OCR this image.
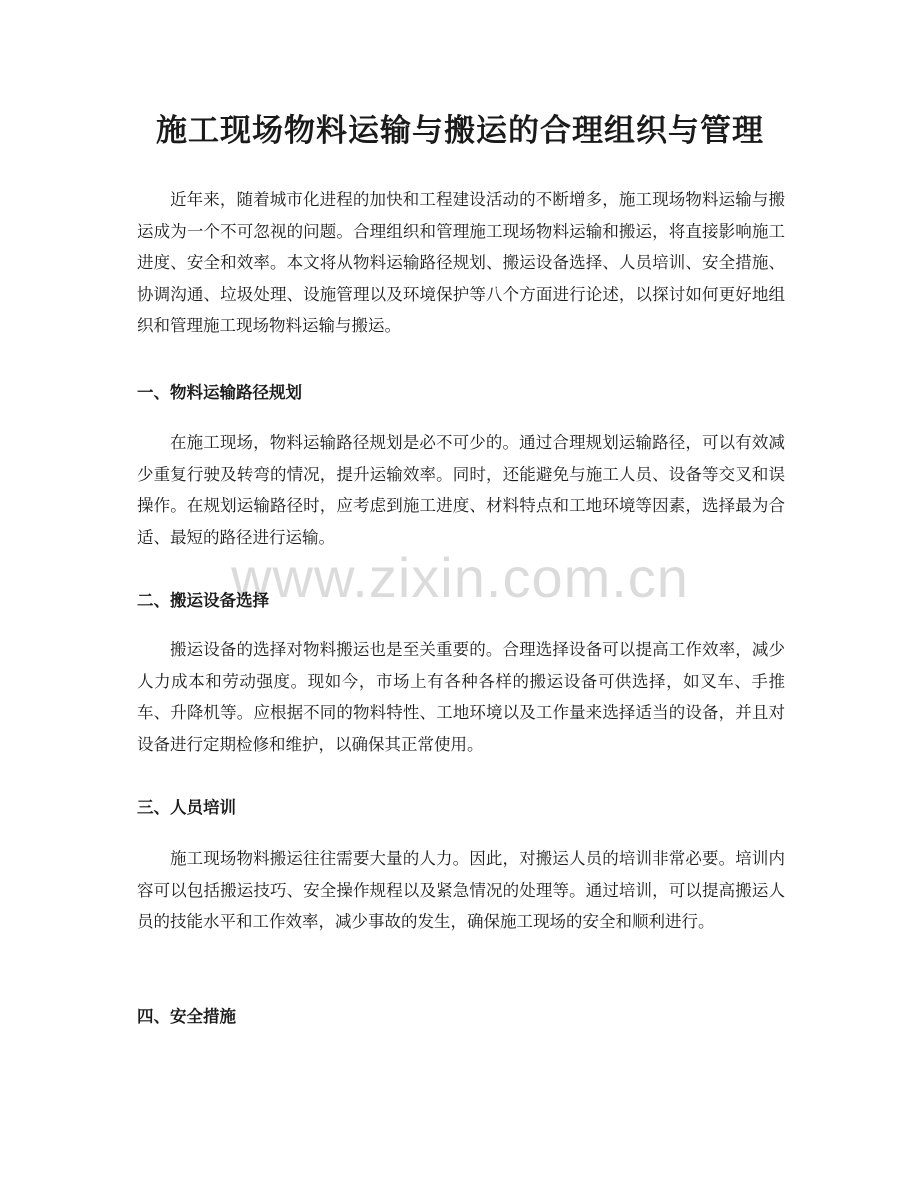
施工现场物料运输与搬运的合理组织与管理

近年来，随着城市化进程的加快和工程建设活动的不断增多，施工现场物料运输与搬运成为一个不可忽视的问题。合理组织和管理施工现场物料运输和搬运，将直接影响施工进度、安全和效率。本文将从物料运输路径规划、搬运设备选择、人员培训、安全措施、协调沟通、垃圾处理、设施管理以及环境保护等八个方面进行论述，以探讨如何更好地组织和管理施工现场物料运输与搬运。

一、物料运输路径规划

在施工现场，物料运输路径规划是必不可少的。通过合理规划运输路径，可以有效减少重复行驶及转弯的情况，提升运输效率。同时，还能避免与施工人员、设备等交叉和误操作。在规划运输路径时，应考虑到施工进度、材料特点和工地环境等因素，选择最为合适、最短的路径进行运输。

二、搬运设备选择

搬运设备的选择对物料搬运也是至关重要的。合理选择设备可以提高工作效率，减少人力成本和劳动强度。现如今，市场上有各种各样的搬运设备可供选择，如叉车、手推车、升降机等。应根据不同的物料特性、工地环境以及工作量来选择适当的设备，并且对设备进行定期检修和维护，以确保其正常使用。

三、人员培训

施工现场物料搬运往往需要大量的人力。因此，对搬运人员的培训非常必要。培训内容可以包括搬运技巧、安全操作规程以及紧急情况的处理等。通过培训，可以提高搬运人员的技能水平和工作效率，减少事故的发生，确保施工现场的安全和顺利进行。

四、安全措施
www.zixin.com.cn
